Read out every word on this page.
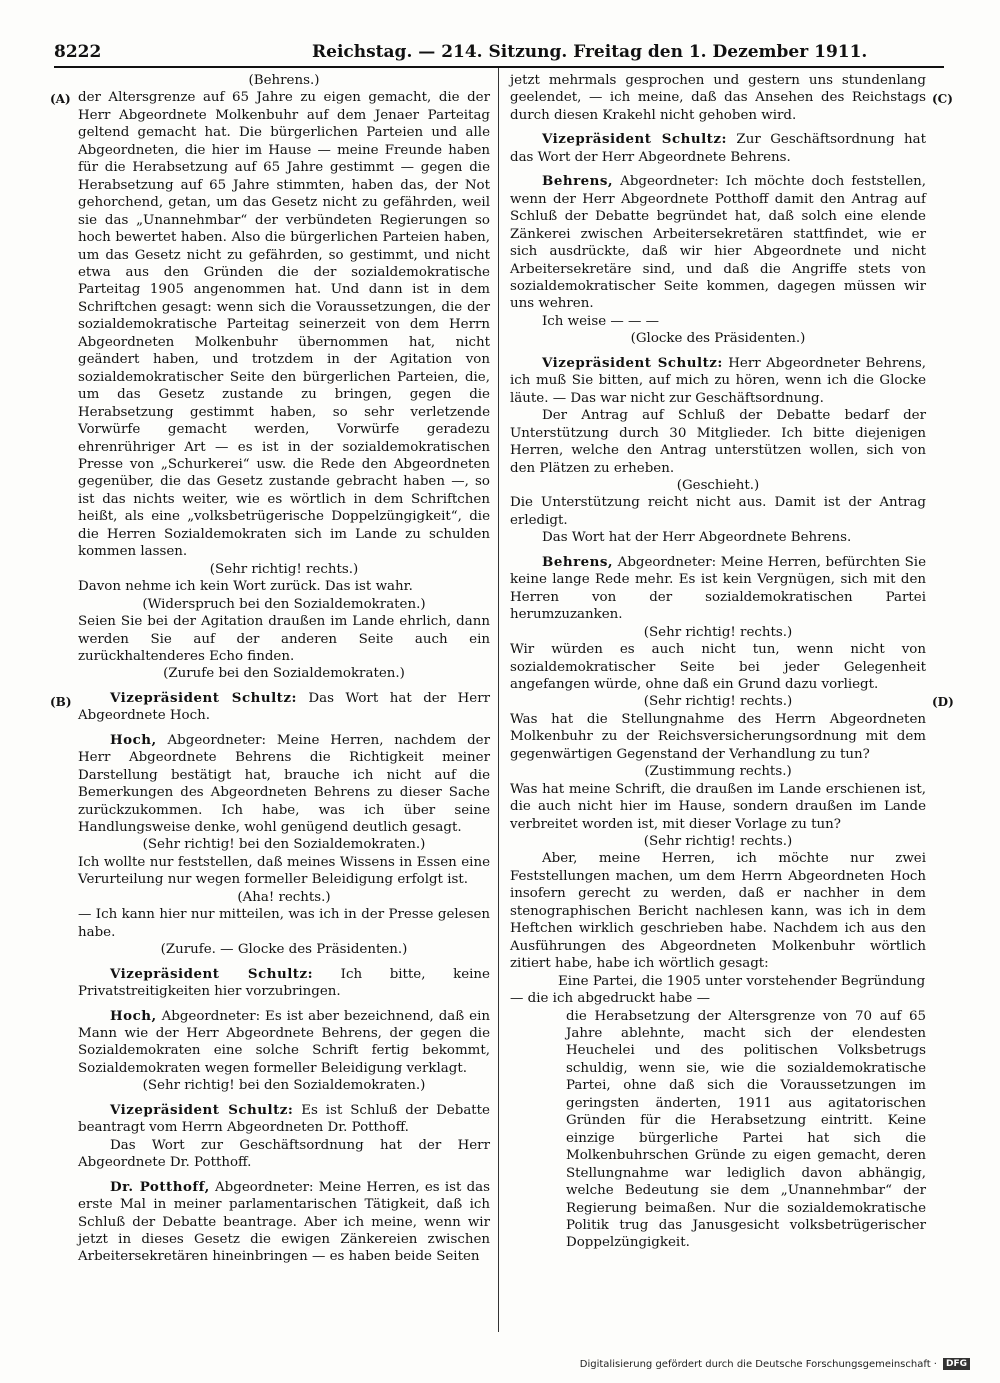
8222	Reichstag. — 214. Sitzung. Freitag den 1. Dezember 1911.
(A)
(B)
(C)
(D)

(Behrens.)

der Altersgrenze auf 65 Jahre zu eigen gemacht, die der Herr Abgeordnete Molkenbuhr auf dem Jenaer Parteitag geltend gemacht hat. Die bürgerlichen Parteien und alle Abgeordneten, die hier im Hause — meine Freunde haben für die Herabsetzung auf 65 Jahre gestimmt — gegen die Herabsetzung auf 65 Jahre stimmten, haben das, der Not gehorchend, getan, um das Gesetz nicht zu gefährden, weil sie das „Unannehmbar“ der verbündeten Regierungen so hoch bewertet haben. Also die bürgerlichen Parteien haben, um das Gesetz nicht zu gefährden, so gestimmt, und nicht etwa aus den Gründen die der sozialdemokratische Parteitag 1905 angenommen hat. Und dann ist in dem Schriftchen gesagt: wenn sich die Voraussetzungen, die der sozialdemokratische Parteitag seinerzeit von dem Herrn Abgeordneten Molkenbuhr übernommen hat, nicht geändert haben, und trotzdem in der Agitation von sozialdemokratischer Seite den bürgerlichen Parteien, die, um das Gesetz zustande zu bringen, gegen die Herabsetzung gestimmt haben, so sehr verletzende Vorwürfe gemacht werden, Vorwürfe geradezu ehrenrühriger Art — es ist in der sozialdemokratischen Presse von „Schurkerei“ usw. die Rede den Abgeordneten gegenüber, die das Gesetz zustande gebracht haben —, so ist das nichts weiter, wie es wörtlich in dem Schriftchen heißt, als eine „volksbetrügerische Doppelzüngigkeit“, die die Herren Sozialdemokraten sich im Lande zu schulden kommen lassen.

(Sehr richtig! rechts.)

Davon nehme ich kein Wort zurück. Das ist wahr.

(Widerspruch bei den Sozialdemokraten.)

Seien Sie bei der Agitation draußen im Lande ehrlich, dann werden Sie auf der anderen Seite auch ein zurückhaltenderes Echo finden.

(Zurufe bei den Sozialdemokraten.)

Vizepräsident Schultz: Das Wort hat der Herr Abgeordnete Hoch.

Hoch, Abgeordneter: Meine Herren, nachdem der Herr Abgeordnete Behrens die Richtigkeit meiner Darstellung bestätigt hat, brauche ich nicht auf die Bemerkungen des Abgeordneten Behrens zu dieser Sache zurückzukommen. Ich habe, was ich über seine Handlungsweise denke, wohl genügend deutlich gesagt.

(Sehr richtig! bei den Sozialdemokraten.)

Ich wollte nur feststellen, daß meines Wissens in Essen eine Verurteilung nur wegen formeller Beleidigung erfolgt ist.

(Aha! rechts.)

— Ich kann hier nur mitteilen, was ich in der Presse gelesen habe.

(Zurufe. — Glocke des Präsidenten.)

Vizepräsident Schultz: Ich bitte, keine Privatstreitigkeiten hier vorzubringen.

Hoch, Abgeordneter: Es ist aber bezeichnend, daß ein Mann wie der Herr Abgeordnete Behrens, der gegen die Sozialdemokraten eine solche Schrift fertig bekommt, Sozialdemokraten wegen formeller Beleidigung verklagt.

(Sehr richtig! bei den Sozialdemokraten.)

Vizepräsident Schultz: Es ist Schluß der Debatte beantragt vom Herrn Abgeordneten Dr. Potthoff.

Das Wort zur Geschäftsordnung hat der Herr Abgeordnete Dr. Potthoff.

Dr. Potthoff, Abgeordneter: Meine Herren, es ist das erste Mal in meiner parlamentarischen Tätigkeit, daß ich Schluß der Debatte beantrage. Aber ich meine, wenn wir jetzt in dieses Gesetz die ewigen Zänkereien zwischen Arbeitersekretären hineinbringen — es haben beide Seiten

jetzt mehrmals gesprochen und gestern uns stundenlang geelendet, — ich meine, daß das Ansehen des Reichstags durch diesen Krakehl nicht gehoben wird.

Vizepräsident Schultz: Zur Geschäftsordnung hat das Wort der Herr Abgeordnete Behrens.

Behrens, Abgeordneter: Ich möchte doch feststellen, wenn der Herr Abgeordnete Potthoff damit den Antrag auf Schluß der Debatte begründet hat, daß solch eine elende Zänkerei zwischen Arbeitersekretären stattfindet, wie er sich ausdrückte, daß wir hier Abgeordnete und nicht Arbeitersekretäre sind, und daß die Angriffe stets von sozialdemokratischer Seite kommen, dagegen müssen wir uns wehren.

Ich weise — — —

(Glocke des Präsidenten.)

Vizepräsident Schultz: Herr Abgeordneter Behrens, ich muß Sie bitten, auf mich zu hören, wenn ich die Glocke läute. — Das war nicht zur Geschäftsordnung.

Der Antrag auf Schluß der Debatte bedarf der Unterstützung durch 30 Mitglieder. Ich bitte diejenigen Herren, welche den Antrag unterstützen wollen, sich von den Plätzen zu erheben.

(Geschieht.)

Die Unterstützung reicht nicht aus. Damit ist der Antrag erledigt.

Das Wort hat der Herr Abgeordnete Behrens.

Behrens, Abgeordneter: Meine Herren, befürchten Sie keine lange Rede mehr. Es ist kein Vergnügen, sich mit den Herren von der sozialdemokratischen Partei herumzuzanken.

(Sehr richtig! rechts.)

Wir würden es auch nicht tun, wenn nicht von sozialdemokratischer Seite bei jeder Gelegenheit angefangen würde, ohne daß ein Grund dazu vorliegt.

(Sehr richtig! rechts.)

Was hat die Stellungnahme des Herrn Abgeordneten Molkenbuhr zu der Reichsversicherungsordnung mit dem gegenwärtigen Gegenstand der Verhandlung zu tun?

(Zustimmung rechts.)

Was hat meine Schrift, die draußen im Lande erschienen ist, die auch nicht hier im Hause, sondern draußen im Lande verbreitet worden ist, mit dieser Vorlage zu tun?

(Sehr richtig! rechts.)

Aber, meine Herren, ich möchte nur zwei Feststellungen machen, um dem Herrn Abgeordneten Hoch insofern gerecht zu werden, daß er nachher in dem stenographischen Bericht nachlesen kann, was ich in dem Heftchen wirklich geschrieben habe. Nachdem ich aus den Ausführungen des Abgeordneten Molkenbuhr wörtlich zitiert habe, habe ich wörtlich gesagt:

Eine Partei, die 1905 unter vorstehender Begründung

— die ich abgedruckt habe —

die Herabsetzung der Altersgrenze von 70 auf 65 Jahre ablehnte, macht sich der elendesten Heuchelei und des politischen Volksbetrugs schuldig, wenn sie, wie die sozialdemokratische Partei, ohne daß sich die Voraussetzungen im geringsten änderten, 1911 aus agitatorischen Gründen für die Herabsetzung eintritt. Keine einzige bürgerliche Partei hat sich die Molkenbuhrschen Gründe zu eigen gemacht, deren Stellungnahme war lediglich davon abhängig, welche Bedeutung sie dem „Unannehmbar“ der Regierung beimaßen. Nur die sozialdemokratische Politik trug das Janusgesicht volksbetrügerischer Doppelzüngigkeit.

Digitalisierung gefördert durch die Deutsche Forschungsgemeinschaft ·	DFG
